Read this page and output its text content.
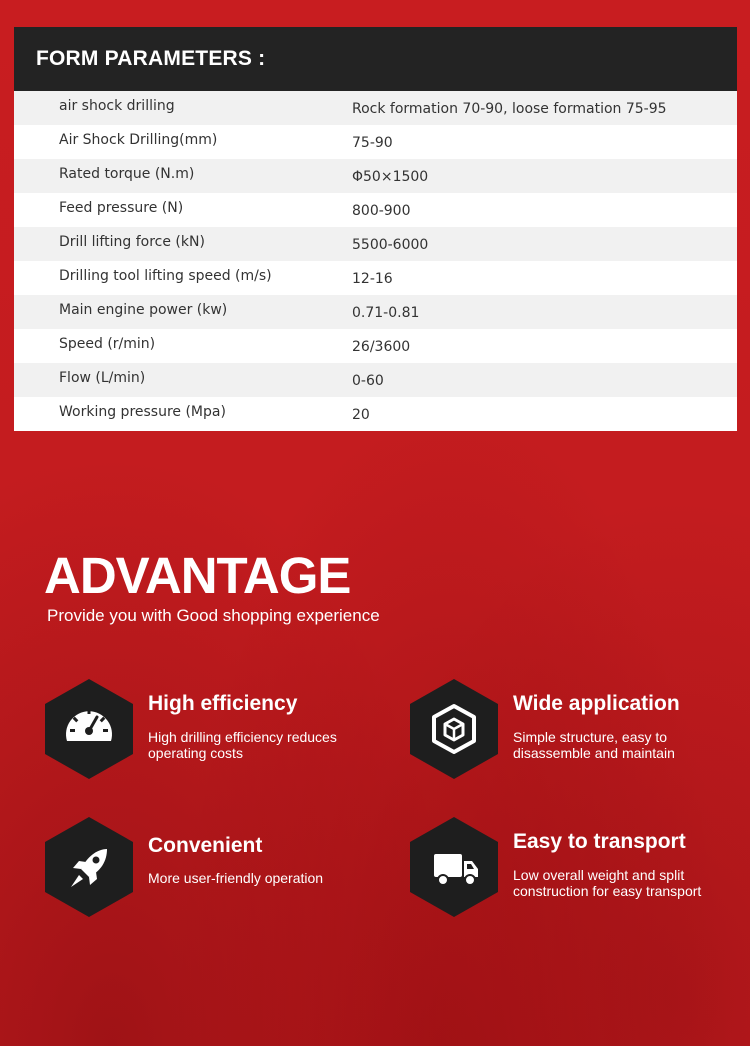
FORM PARAMETERS :
air shock drilling	Rock formation 70-90, loose formation 75-95
Air Shock Drilling(mm)	75-90
Rated torque (N.m)	Φ50×1500
Feed pressure (N)	800-900
Drill lifting force (kN)	5500-6000
Drilling tool lifting speed (m/s)	12-16
Main engine power (kw)	0.71-0.81
Speed (r/min)	26/3600
Flow (L/min)	0-60
Working pressure (Mpa)	20
ADVANTAGE
Provide you with Good shopping experience
High efficiency
High drilling efficiency reduces operating costs
Wide application
Simple structure, easy to disassemble and maintain
Convenient
More user-friendly operation
Easy to transport
Low overall weight and split construction for easy transport
